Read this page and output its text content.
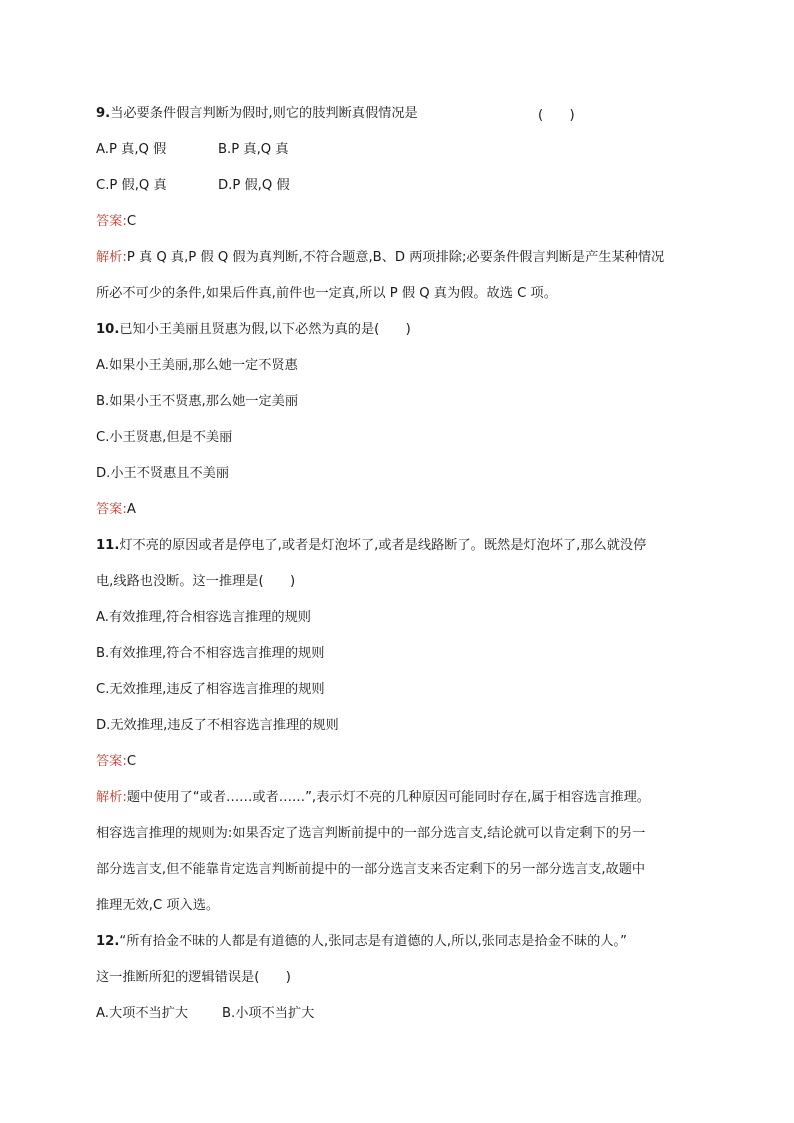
9.当必要条件假言判断为假时,则它的肢判断真假情况是	(　　)
A.P 真,Q 假	B.P 真,Q 真
C.P 假,Q 真	D.P 假,Q 假
答案:C
解析:P 真 Q 真,P 假 Q 假为真判断,不符合题意,B、D 两项排除;必要条件假言判断是产生某种情况
所必不可少的条件,如果后件真,前件也一定真,所以 P 假 Q 真为假。故选 C 项。
10.已知小王美丽且贤惠为假,以下必然为真的是(　　)
A.如果小王美丽,那么她一定不贤惠
B.如果小王不贤惠,那么她一定美丽
C.小王贤惠,但是不美丽
D.小王不贤惠且不美丽
答案:A
11.灯不亮的原因或者是停电了,或者是灯泡坏了,或者是线路断了。既然是灯泡坏了,那么就没停
电,线路也没断。这一推理是(　　)
A.有效推理,符合相容选言推理的规则
B.有效推理,符合不相容选言推理的规则
C.无效推理,违反了相容选言推理的规则
D.无效推理,违反了不相容选言推理的规则
答案:C
解析:题中使用了“或者……或者……”,表示灯不亮的几种原因可能同时存在,属于相容选言推理。
相容选言推理的规则为:如果否定了选言判断前提中的一部分选言支,结论就可以肯定剩下的另一
部分选言支,但不能靠肯定选言判断前提中的一部分选言支来否定剩下的另一部分选言支,故题中
推理无效,C 项入选。
12.“所有拾金不昧的人都是有道德的人,张同志是有道德的人,所以,张同志是拾金不昧的人。”
这一推断所犯的逻辑错误是(　　)
A.大项不当扩大	B.小项不当扩大
